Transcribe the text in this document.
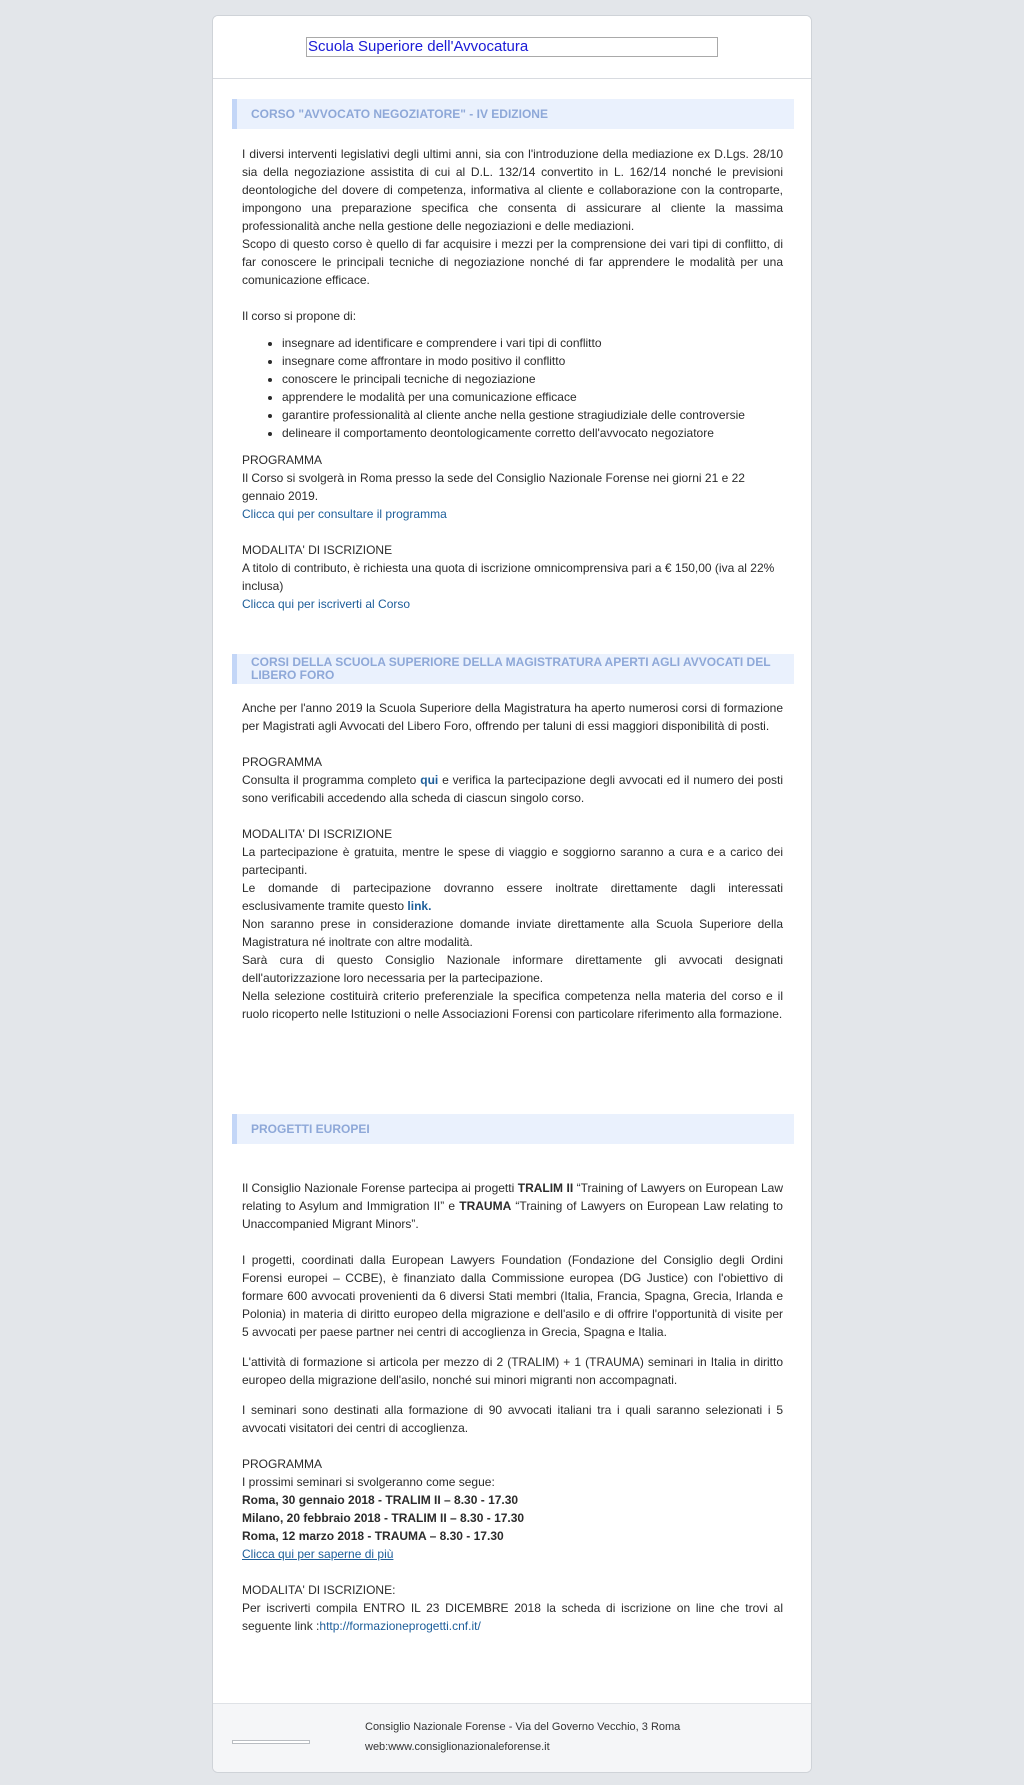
Scuola Superiore dell'Avvocatura
CORSO "AVVOCATO NEGOZIATORE" - IV EDIZIONE

I diversi interventi legislativi degli ultimi anni, sia con l'introduzione della mediazione ex D.Lgs. 28/10 sia della negoziazione assistita di cui al D.L. 132/14 convertito in L. 162/14 nonché le previsioni deontologiche del dovere di competenza, informativa al cliente e collaborazione con la controparte, impongono una preparazione specifica che consenta di assicurare al cliente la massima professionalità anche nella gestione delle negoziazioni e delle mediazioni.

Scopo di questo corso è quello di far acquisire i mezzi per la comprensione dei vari tipi di conflitto, di far conoscere le principali tecniche di negoziazione nonché di far apprendere le modalità per una comunicazione efficace.

Il corso si propone di:

• insegnare ad identificare e comprendere i vari tipi di conflitto
• insegnare come affrontare in modo positivo il conflitto
• conoscere le principali tecniche di negoziazione
• apprendere le modalità per una comunicazione efficace
• garantire professionalità al cliente anche nella gestione stragiudiziale delle controversie
• delineare il comportamento deontologicamente corretto dell'avvocato negoziatore

PROGRAMMA

Il Corso si svolgerà in Roma presso la sede del Consiglio Nazionale Forense nei giorni 21 e 22 gennaio 2019.

Clicca qui per consultare il programma

MODALITA' DI ISCRIZIONE

A titolo di contributo, è richiesta una quota di iscrizione omnicomprensiva pari a € 150,00 (iva al 22% inclusa)

Clicca qui per iscriverti al Corso

CORSI DELLA SCUOLA SUPERIORE DELLA MAGISTRATURA APERTI AGLI AVVOCATI DEL LIBERO FORO

Anche per l'anno 2019 la Scuola Superiore della Magistratura ha aperto numerosi corsi di formazione per Magistrati agli Avvocati del Libero Foro, offrendo per taluni di essi maggiori disponibilità di posti.

PROGRAMMA

Consulta il programma completo qui e verifica la partecipazione degli avvocati ed il numero dei posti sono verificabili accedendo alla scheda di ciascun singolo corso.

MODALITA' DI ISCRIZIONE

La partecipazione è gratuita, mentre le spese di viaggio e soggiorno saranno a cura e a carico dei partecipanti.

Le domande di partecipazione dovranno essere inoltrate direttamente dagli interessati esclusivamente tramite questo link.

Non saranno prese in considerazione domande inviate direttamente alla Scuola Superiore della Magistratura né inoltrate con altre modalità.

Sarà cura di questo Consiglio Nazionale informare direttamente gli avvocati designati dell'autorizzazione loro necessaria per la partecipazione.

Nella selezione costituirà criterio preferenziale la specifica competenza nella materia del corso e il ruolo ricoperto nelle Istituzioni o nelle Associazioni Forensi con particolare riferimento alla formazione.

PROGETTI EUROPEI

Il Consiglio Nazionale Forense partecipa ai progetti TRALIM II “Training of Lawyers on European Law relating to Asylum and Immigration II” e TRAUMA “Training of Lawyers on European Law relating to Unaccompanied Migrant Minors”.

I progetti, coordinati dalla European Lawyers Foundation (Fondazione del Consiglio degli Ordini Forensi europei – CCBE), è finanziato dalla Commissione europea (DG Justice) con l'obiettivo di formare 600 avvocati provenienti da 6 diversi Stati membri (Italia, Francia, Spagna, Grecia, Irlanda e Polonia) in materia di diritto europeo della migrazione e dell'asilo e di offrire l'opportunità di visite per 5 avvocati per paese partner nei centri di accoglienza in Grecia, Spagna e Italia.

L'attività di formazione si articola per mezzo di 2 (TRALIM) + 1 (TRAUMA) seminari in Italia in diritto europeo della migrazione dell'asilo, nonché sui minori migranti non accompagnati.

I seminari sono destinati alla formazione di 90 avvocati italiani tra i quali saranno selezionati i 5 avvocati visitatori dei centri di accoglienza.

PROGRAMMA

I prossimi seminari si svolgeranno come segue:

Roma, 30 gennaio 2018 - TRALIM II – 8.30 - 17.30

Milano, 20 febbraio 2018 - TRALIM II – 8.30 - 17.30

Roma, 12 marzo 2018 - TRAUMA – 8.30 - 17.30

Clicca qui per saperne di più

MODALITA' DI ISCRIZIONE:

Per iscriverti compila ENTRO IL 23 DICEMBRE 2018 la scheda di iscrizione on line che trovi al seguente link :http://formazioneprogetti.cnf.it/

Consiglio Nazionale Forense - Via del Governo Vecchio, 3 Roma
web:www.consiglionazionaleforense.it
